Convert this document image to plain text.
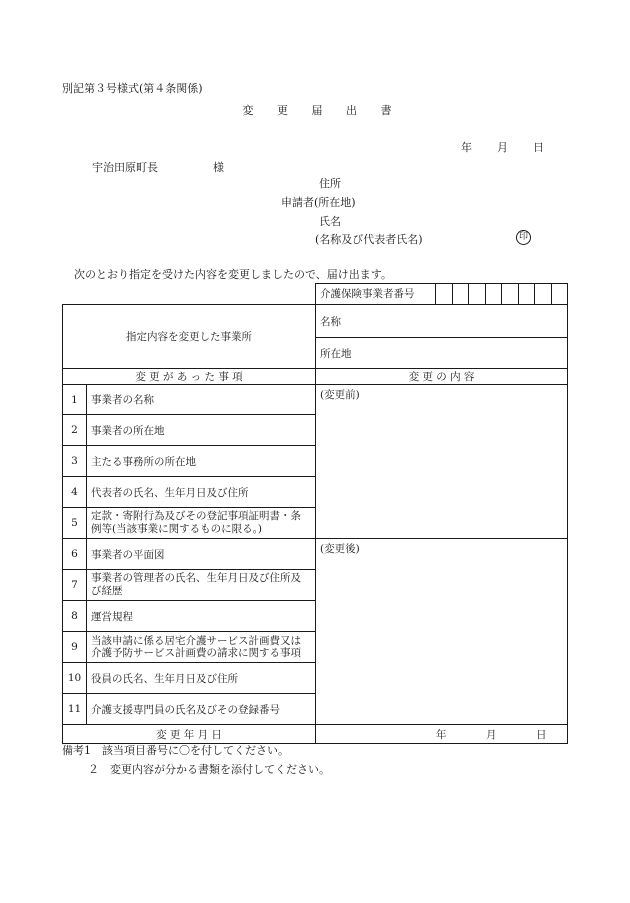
別記第３号様式(第４条関係)
変 更 届 出 書
年 月 日
宇治田原町長	様
住所
申請者(所在地)
氏名
(名称及び代表者氏名)	印
次のとおり指定を受けた内容を変更しましたので、届け出ます。

		介護保険事業者番号

指定内容を変更した事業所		名称
		所在地
変 更 が あ っ た 事 項		変 更 の 内 容
1	事業者の名称	(変更前)
2	事業者の所在地	
3	主たる事務所の所在地	
4	代表者の氏名、生年月日及び住所	
5	定款・寄附行為及びその登記事項証明書・条例等(当該事業に関するものに限る。)	
6	事業者の平面図	(変更後)
7	事業者の管理者の氏名、生年月日及び住所及び経歴	
8	運営規程	
9	当該申請に係る居宅介護サービス計画費又は介護予防サービス計画費の請求に関する事項	
10	役員の氏名、生年月日及び住所	
11	介護支援専門員の氏名及びその登録番号	
変 更 年 月 日		年 月 日
備考1　該当項目番号に〇を付してください。
２　変更内容が分かる書類を添付してください。
